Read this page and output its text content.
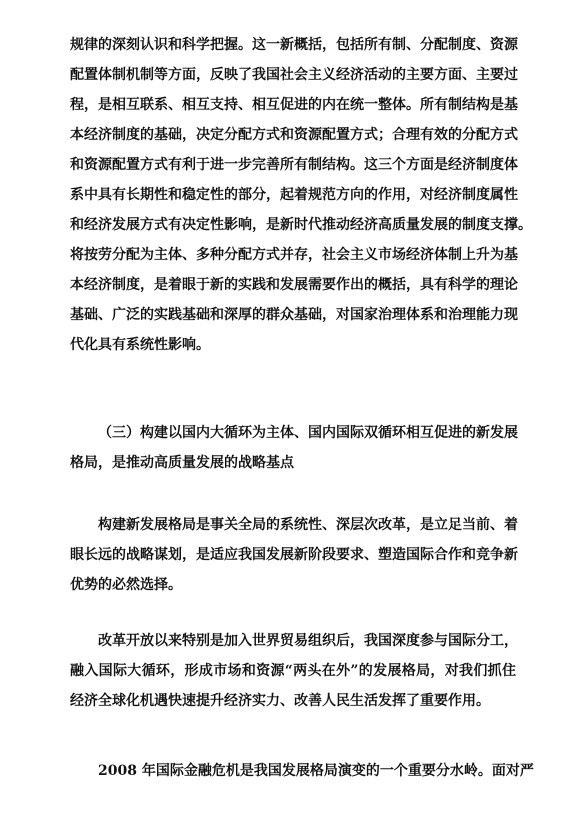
规律的深刻认识和科学把握。这一新概括，包括所有制、分配制度、资源
配置体制机制等方面，反映了我国社会主义经济活动的主要方面、主要过
程，是相互联系、相互支持、相互促进的内在统一整体。所有制结构是基
本经济制度的基础，决定分配方式和资源配置方式；合理有效的分配方式
和资源配置方式有利于进一步完善所有制结构。这三个方面是经济制度体
系中具有长期性和稳定性的部分，起着规范方向的作用，对经济制度属性
和经济发展方式有决定性影响，是新时代推动经济高质量发展的制度支撑。
将按劳分配为主体、多种分配方式并存，社会主义市场经济体制上升为基
本经济制度，是着眼于新的实践和发展需要作出的概括，具有科学的理论
基础、广泛的实践基础和深厚的群众基础，对国家治理体系和治理能力现
代化具有系统性影响。
（三）构建以国内大循环为主体、国内国际双循环相互促进的新发展
格局，是推动高质量发展的战略基点
构建新发展格局是事关全局的系统性、深层次改革，是立足当前、着
眼长远的战略谋划，是适应我国发展新阶段要求、塑造国际合作和竞争新
优势的必然选择。
改革开放以来特别是加入世界贸易组织后，我国深度参与国际分工，
融入国际大循环，形成市场和资源“两头在外”的发展格局，对我们抓住
经济全球化机遇快速提升经济实力、改善人民生活发挥了重要作用。
2008 年国际金融危机是我国发展格局演变的一个重要分水岭。面对严
